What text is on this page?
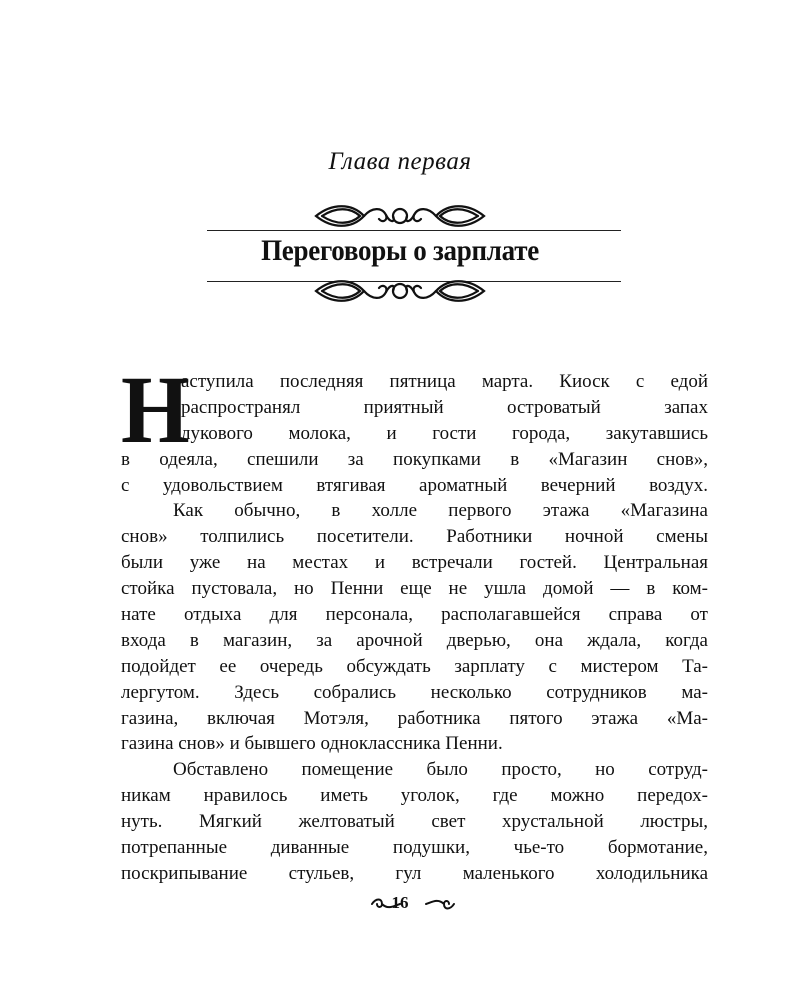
Глава первая
Переговоры о зарплате
Н
аступила последняя пятница марта. Киоск с едой
распространял приятный островатый запах
лукового молока, и гости города, закутавшись
в одеяла, спешили за покупками в «Магазин снов»,
с удовольствием втягивая ароматный вечерний воздух.
Как обычно, в холле первого этажа «Магазина
снов» толпились посетители. Работники ночной смены
были уже на местах и встречали гостей. Центральная
стойка пустовала, но Пенни еще не ушла домой — в ком-
нате отдыха для персонала, располагавшейся справа от
входа в магазин, за арочной дверью, она ждала, когда
подойдет ее очередь обсуждать зарплату с мистером Та-
лергутом. Здесь собрались несколько сотрудников ма-
газина, включая Мотэля, работника пятого этажа «Ма-
газина снов» и бывшего одноклассника Пенни.
Обставлено помещение было просто, но сотруд-
никам нравилось иметь уголок, где можно передох-
нуть. Мягкий желтоватый свет хрустальной люстры,
потрепанные диванные подушки, чье-то бормотание,
поскрипывание стульев, гул маленького холодильника
16
